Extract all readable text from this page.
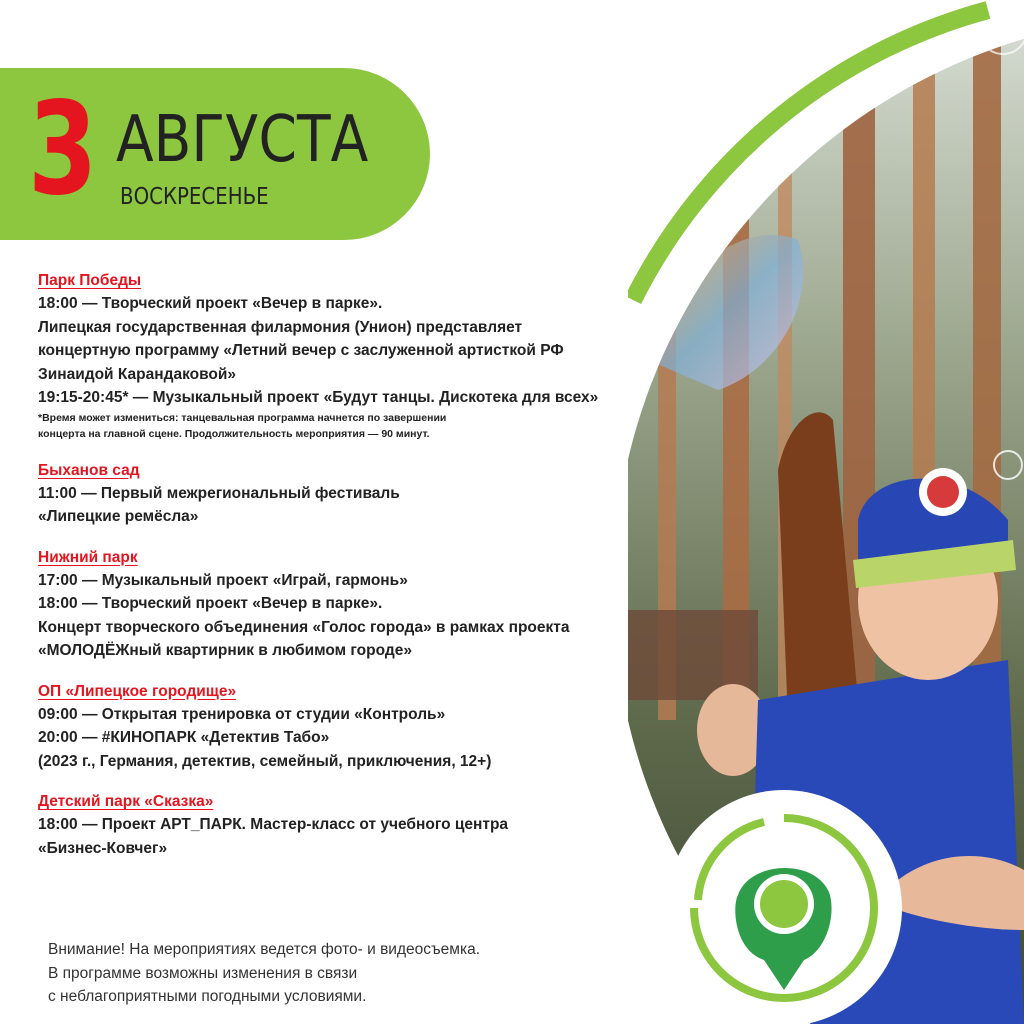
3 АВГУСТА
ВОСКРЕСЕНЬЕ
Парк Победы
18:00 — Творческий проект «Вечер в парке».
Липецкая государственная филармония (Унион) представляет
концертную программу «Летний вечер с заслуженной артисткой РФ
Зинаидой Карандаковой»
19:15-20:45* — Музыкальный проект «Будут танцы. Дискотека для всех»
*Время может измениться: танцевальная программа начнется по завершении
концерта на главной сцене. Продолжительность мероприятия — 90 минут.
Быханов сад
11:00 — Первый межрегиональный фестиваль
«Липецкие ремёсла»
Нижний парк
17:00 — Музыкальный проект «Играй, гармонь»
18:00 — Творческий проект «Вечер в парке».
Концерт творческого объединения «Голос города» в рамках проекта
«МОЛОДЁЖный квартирник в любимом городе»
ОП «Липецкое городище»
09:00 — Открытая тренировка от студии «Контроль»
20:00 — #КИНОПАРК «Детектив Табо»
(2023 г., Германия, детектив, семейный, приключения, 12+)
Детский парк «Сказка»
18:00 — Проект АРТ_ПАРК. Мастер-класс от учебного центра
«Бизнес-Ковчег»
Внимание! На мероприятиях ведется фото- и видеосъемка.
В программе возможны изменения в связи
с неблагоприятными погодными условиями.
